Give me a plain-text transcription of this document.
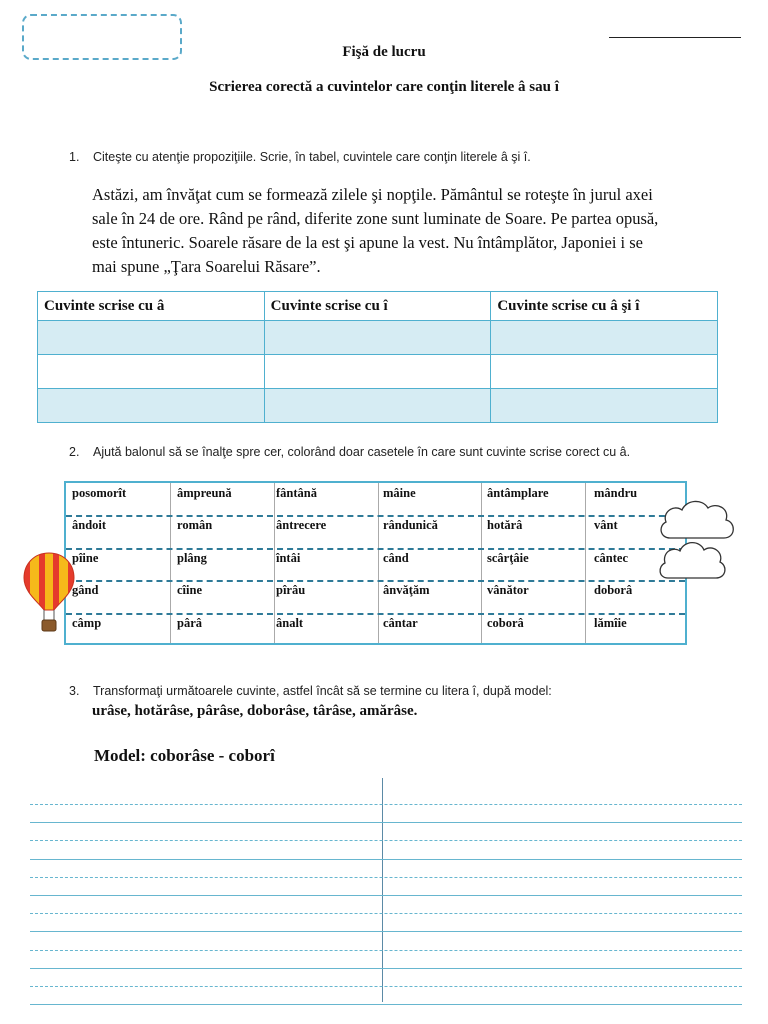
Fişă de lucru
Scrierea corectă a cuvintelor care conţin literele â sau î
1. Citeşte cu atenţie propoziţiile. Scrie, în tabel, cuvintele care conţin literele â şi î.
Astăzi, am învăţat cum se formează zilele şi nopţile. Pământul se roteşte în jurul axei
sale în 24 de ore. Rând pe rând, diferite zone sunt luminate de Soare. Pe partea opusă,
este întuneric. Soarele răsare de la est şi apune la vest. Nu întâmplător, Japoniei i se
mai spune „Ţara Soarelui Răsare”.
Cuvinte scrise cu â	Cuvinte scrise cu î	Cuvinte scrise cu â şi î

2. Ajută balonul să se înalţe spre cer, colorând doar casetele în care sunt cuvinte scrise corect cu â.
posomorît	âmpreună	fântână	mâine	ântâmplare	mândru
ândoit	român	ântrecere	rândunică	hotărâ	vânt
pîine	plâng	întâi	când	scârţâie	cântec
gând	cîine	pîrâu	ânvăţăm	vânător	doborâ
câmp	pârâ	ânalt	cântar	coborâ	lămîie
3. Transformaţi următoarele cuvinte, astfel încât să se termine cu litera î, după model:
urâse, hotărâse, pârâse, doborâse, târâse, amărâse.
Model: coborâse - coborî
